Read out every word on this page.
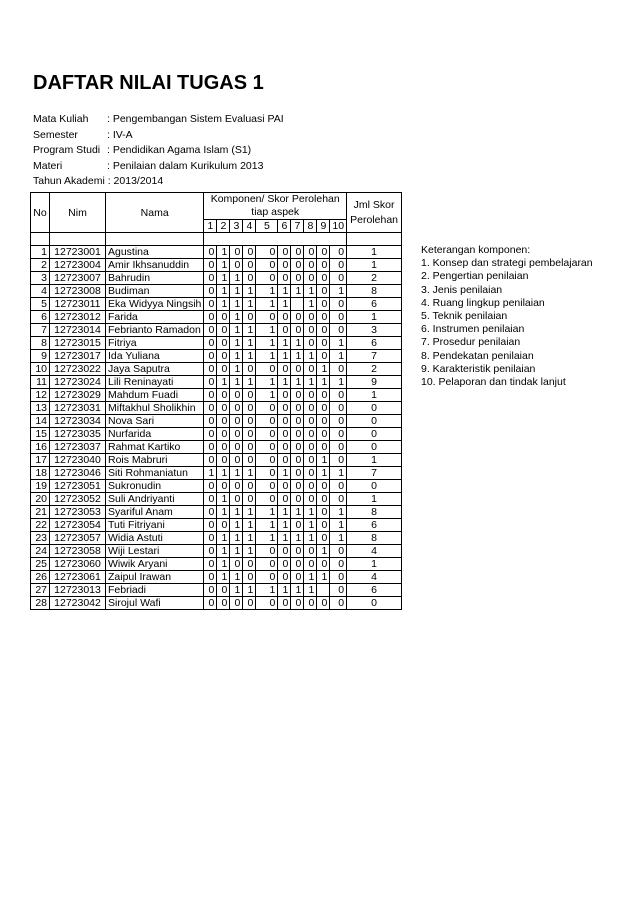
DAFTAR NILAI TUGAS 1
Mata Kuliah	: Pengembangan Sistem Evaluasi PAI
Semester	: IV-A
Program Studi : Pendidikan Agama Islam (S1)
Materi	: Penilaian dalam Kurikulum 2013
Tahun Akademi : 2013/2014
No	Nim	Nama	Komponen/ Skor Perolehan tiap aspek										Jml Skor Perolehan
			1	2	3	4	5	6	7	8	9	10	

1	12723001	Agustina	0	1	0	0	0	0	0	0	0	0	1
2	12723004	Amir Ikhsanuddin	0	1	0	0	0	0	0	0	0	0	1
3	12723007	Bahrudin	0	1	1	0	0	0	0	0	0	0	2
4	12723008	Budiman	0	1	1	1	1	1	1	1	0	1	8
5	12723011	Eka Widyya Ningsih	0	1	1	1	1	1		1	0	0	6
6	12723012	Farida	0	0	1	0	0	0	0	0	0	0	1
7	12723014	Febrianto Ramadon	0	0	1	1	1	0	0	0	0	0	3
8	12723015	Fitriya	0	0	1	1	1	1	1	0	0	1	6
9	12723017	Ida Yuliana	0	0	1	1	1	1	1	1	0	1	7
10	12723022	Jaya Saputra	0	0	1	0	0	0	0	0	1	0	2
11	12723024	Lili Reninayati	0	1	1	1	1	1	1	1	1	1	9
12	12723029	Mahdum Fuadi	0	0	0	0	1	0	0	0	0	0	1
13	12723031	Miftakhul Sholikhin	0	0	0	0	0	0	0	0	0	0	0
14	12723034	Nova Sari	0	0	0	0	0	0	0	0	0	0	0
15	12723035	Nurfarida	0	0	0	0	0	0	0	0	0	0	0
16	12723037	Rahmat Kartiko	0	0	0	0	0	0	0	0	0	0	0
17	12723040	Rois Mabruri	0	0	0	0	0	0	0	0	1	0	1
18	12723046	Siti Rohmaniatun	1	1	1	1	0	1	0	0	1	1	7
19	12723051	Sukronudin	0	0	0	0	0	0	0	0	0	0	0
20	12723052	Suli Andriyanti	0	1	0	0	0	0	0	0	0	0	1
21	12723053	Syariful Anam	0	1	1	1	1	1	1	1	0	1	8
22	12723054	Tuti Fitriyani	0	0	1	1	1	1	0	1	0	1	6
23	12723057	Widia Astuti	0	1	1	1	1	1	1	1	0	1	8
24	12723058	Wiji Lestari	0	1	1	1	0	0	0	0	1	0	4
25	12723060	Wiwik Aryani	0	1	0	0	0	0	0	0	0	0	1
26	12723061	Zaipul Irawan	0	1	1	0	0	0	0	1	1	0	4
27	12723013	Febriadi	0	0	1	1	1	1	1	1		0	6
28	12723042	Sirojul Wafi	0	0	0	0	0	0	0	0	0	0	0
Keterangan komponen:
1. Konsep dan strategi pembelajaran
2. Pengertian penilaian
3. Jenis penilaian
4. Ruang lingkup penilaian
5. Teknik penilaian
6. Instrumen penilaian
7. Prosedur penilaian
8. Pendekatan penilaian
9. Karakteristik penilaian
10. Pelaporan dan tindak lanjut
